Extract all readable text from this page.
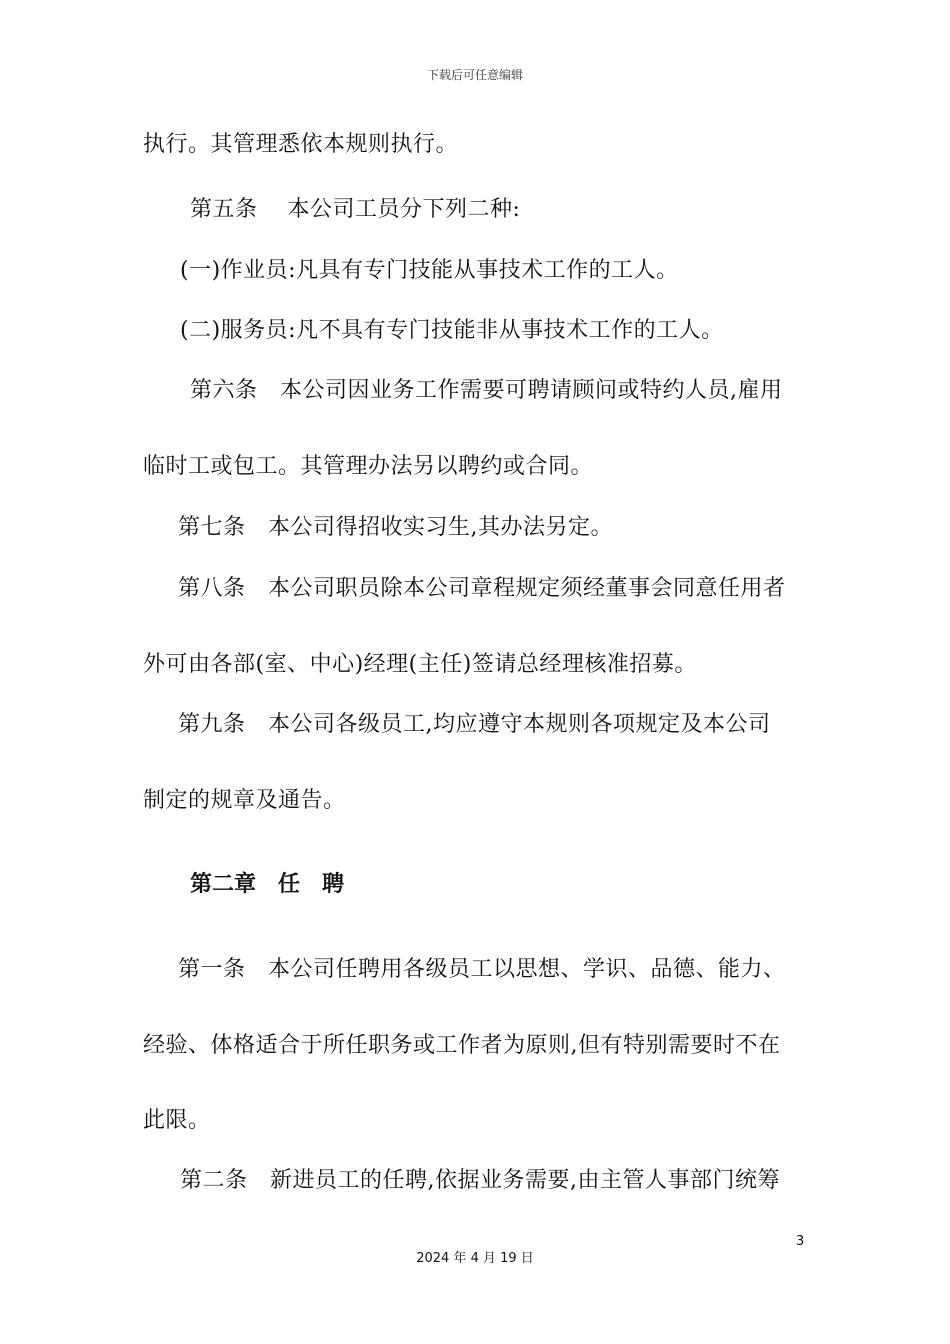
下载后可任意编辑
执行。其管理悉依本规则执行。
第五条　 本公司工员分下列二种:
(一)作业员:凡具有专门技能从事技术工作的工人。
(二)服务员:凡不具有专门技能非从事技术工作的工人。
第六条　本公司因业务工作需要可聘请顾问或特约人员,雇用
临时工或包工。其管理办法另以聘约或合同。
第七条　本公司得招收实习生,其办法另定。
第八条　本公司职员除本公司章程规定须经董事会同意任用者
外可由各部(室、中心)经理(主任)签请总经理核准招募。
第九条　本公司各级员工,均应遵守本规则各项规定及本公司
制定的规章及通告。
第二章　任　聘
第一条　本公司任聘用各级员工以思想、学识、品德、能力、
经验、体格适合于所任职务或工作者为原则,但有特别需要时不在
此限。
第二条　新进员工的任聘,依据业务需要,由主管人事部门统筹
3
2024 年 4 月 19 日
